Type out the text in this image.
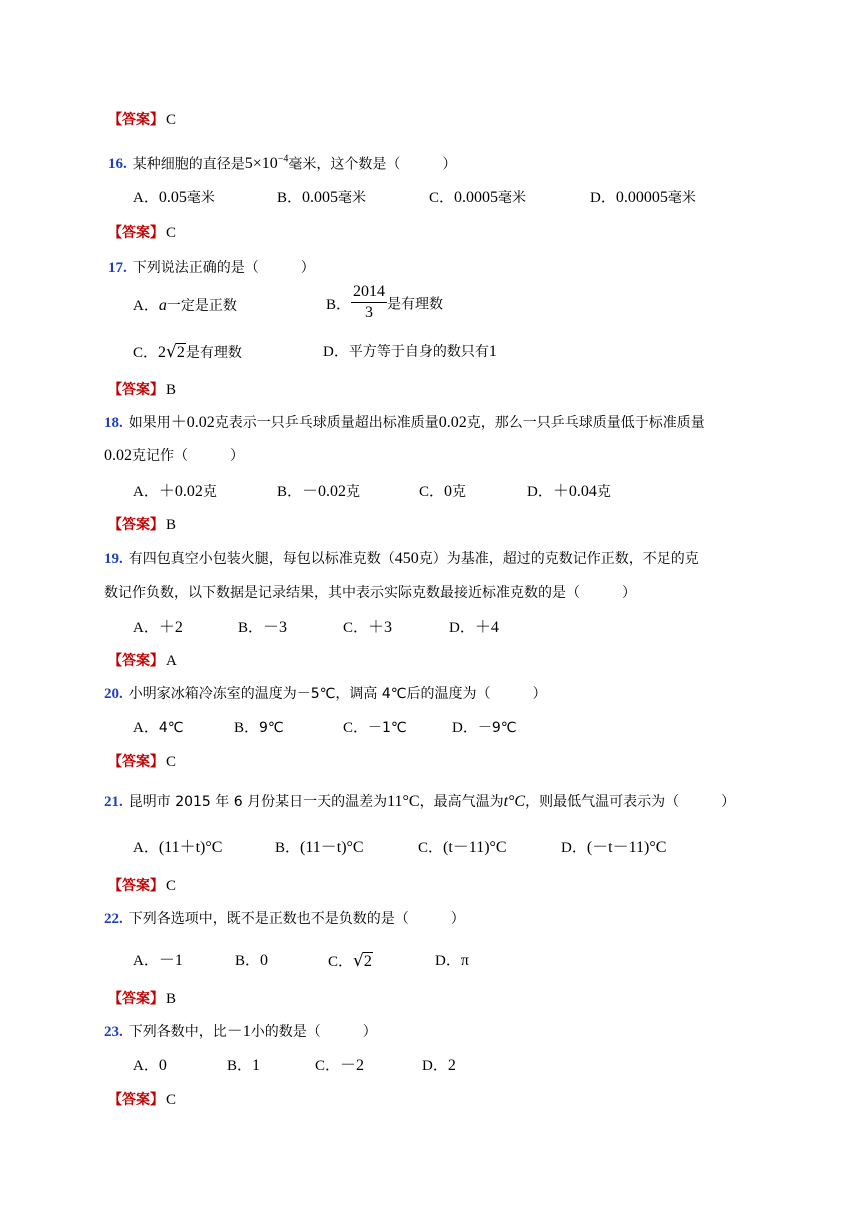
【答案】 C
16. 某种细胞的直径是$5\times 10^{-4}$毫米，这个数是（　　　）
A．0.05毫米	B．0.005毫米	C．0.0005毫米	D．0.00005毫米
【答案】 C
17. 下列说法正确的是（　　　）
A．a一定是正数	B． $\frac{2014}{3}$ 是有理数
C．2√2是有理数	D．平方等于自身的数只有1
【答案】 B
18. 如果用＋0.02克表示一只乒乓球质量超出标准质量0.02克，那么一只乒乓球质量低于标准质量
0.02克记作（　　　）
A．＋0.02克	B．－0.02克	C．0克	D．＋0.04克
【答案】 B
19. 有四包真空小包装火腿，每包以标准克数（450克）为基准，超过的克数记作正数，不足的克
数记作负数，以下数据是记录结果，其中表示实际克数最接近标准克数的是（　　　）
A．＋2	B．－3	C．＋3	D．＋4
【答案】 A
20. 小明家冰箱冷冻室的温度为－5℃，调高 4℃后的温度为（　　　）
A．4℃	B．9℃	C．－1℃	D．－9℃
【答案】 C
21. 昆明市 2015 年 6 月份某日一天的温差为11°C，最高气温为t°C，则最低气温可表示为（　　　）
A．(11＋t)°C	B．(11－t)°C	C．(t－11)°C	D．(－t－11)°C
【答案】 C
22. 下列各选项中，既不是正数也不是负数的是（　　　）
A．－1	B．0	C．√2	D．π
【答案】 B
23. 下列各数中，比－1小的数是（　　　）
A．0	B．1	C．－2	D．2
【答案】 C
